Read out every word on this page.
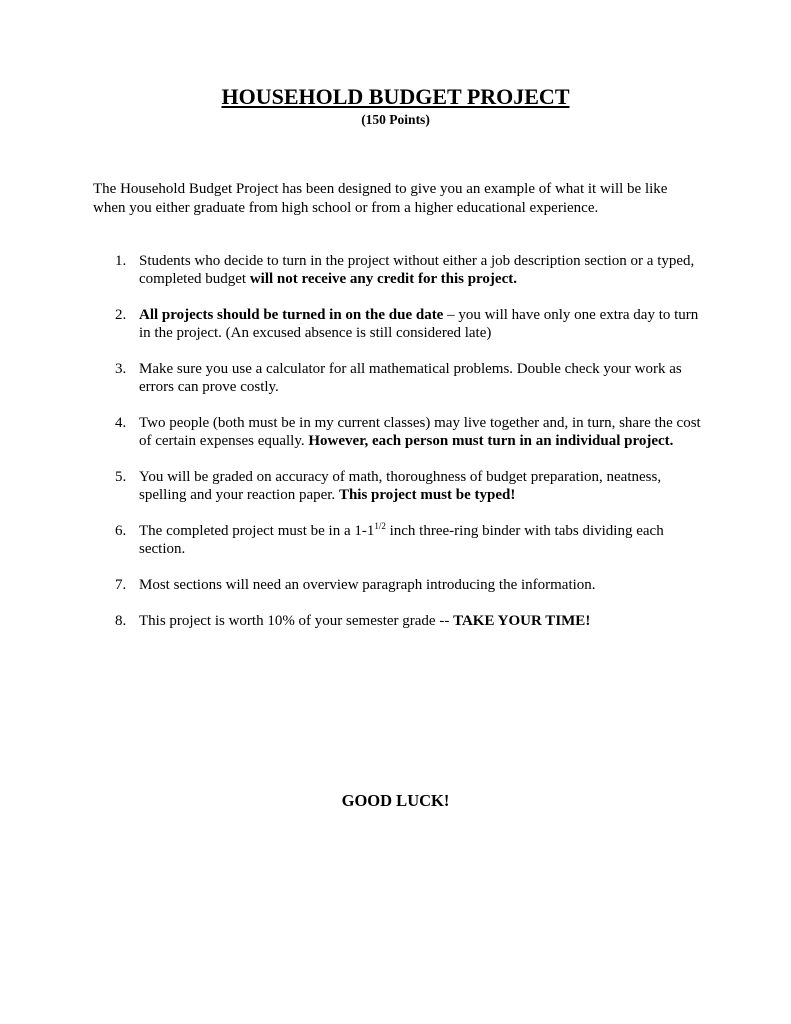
HOUSEHOLD BUDGET PROJECT
(150 Points)
The Household Budget Project has been designed to give you an example of what it will be like when you either graduate from high school or from a higher educational experience.
1. Students who decide to turn in the project without either a job description section or a typed, completed budget will not receive any credit for this project.
2. All projects should be turned in on the due date – you will have only one extra day to turn in the project. (An excused absence is still considered late)
3. Make sure you use a calculator for all mathematical problems. Double check your work as errors can prove costly.
4. Two people (both must be in my current classes) may live together and, in turn, share the cost of certain expenses equally. However, each person must turn in an individual project.
5. You will be graded on accuracy of math, thoroughness of budget preparation, neatness, spelling and your reaction paper. This project must be typed!
6. The completed project must be in a $1-1^{1/2}$ inch three-ring binder with tabs dividing each section.
7. Most sections will need an overview paragraph introducing the information.
8. This project is worth 10% of your semester grade -- TAKE YOUR TIME!
GOOD LUCK!
